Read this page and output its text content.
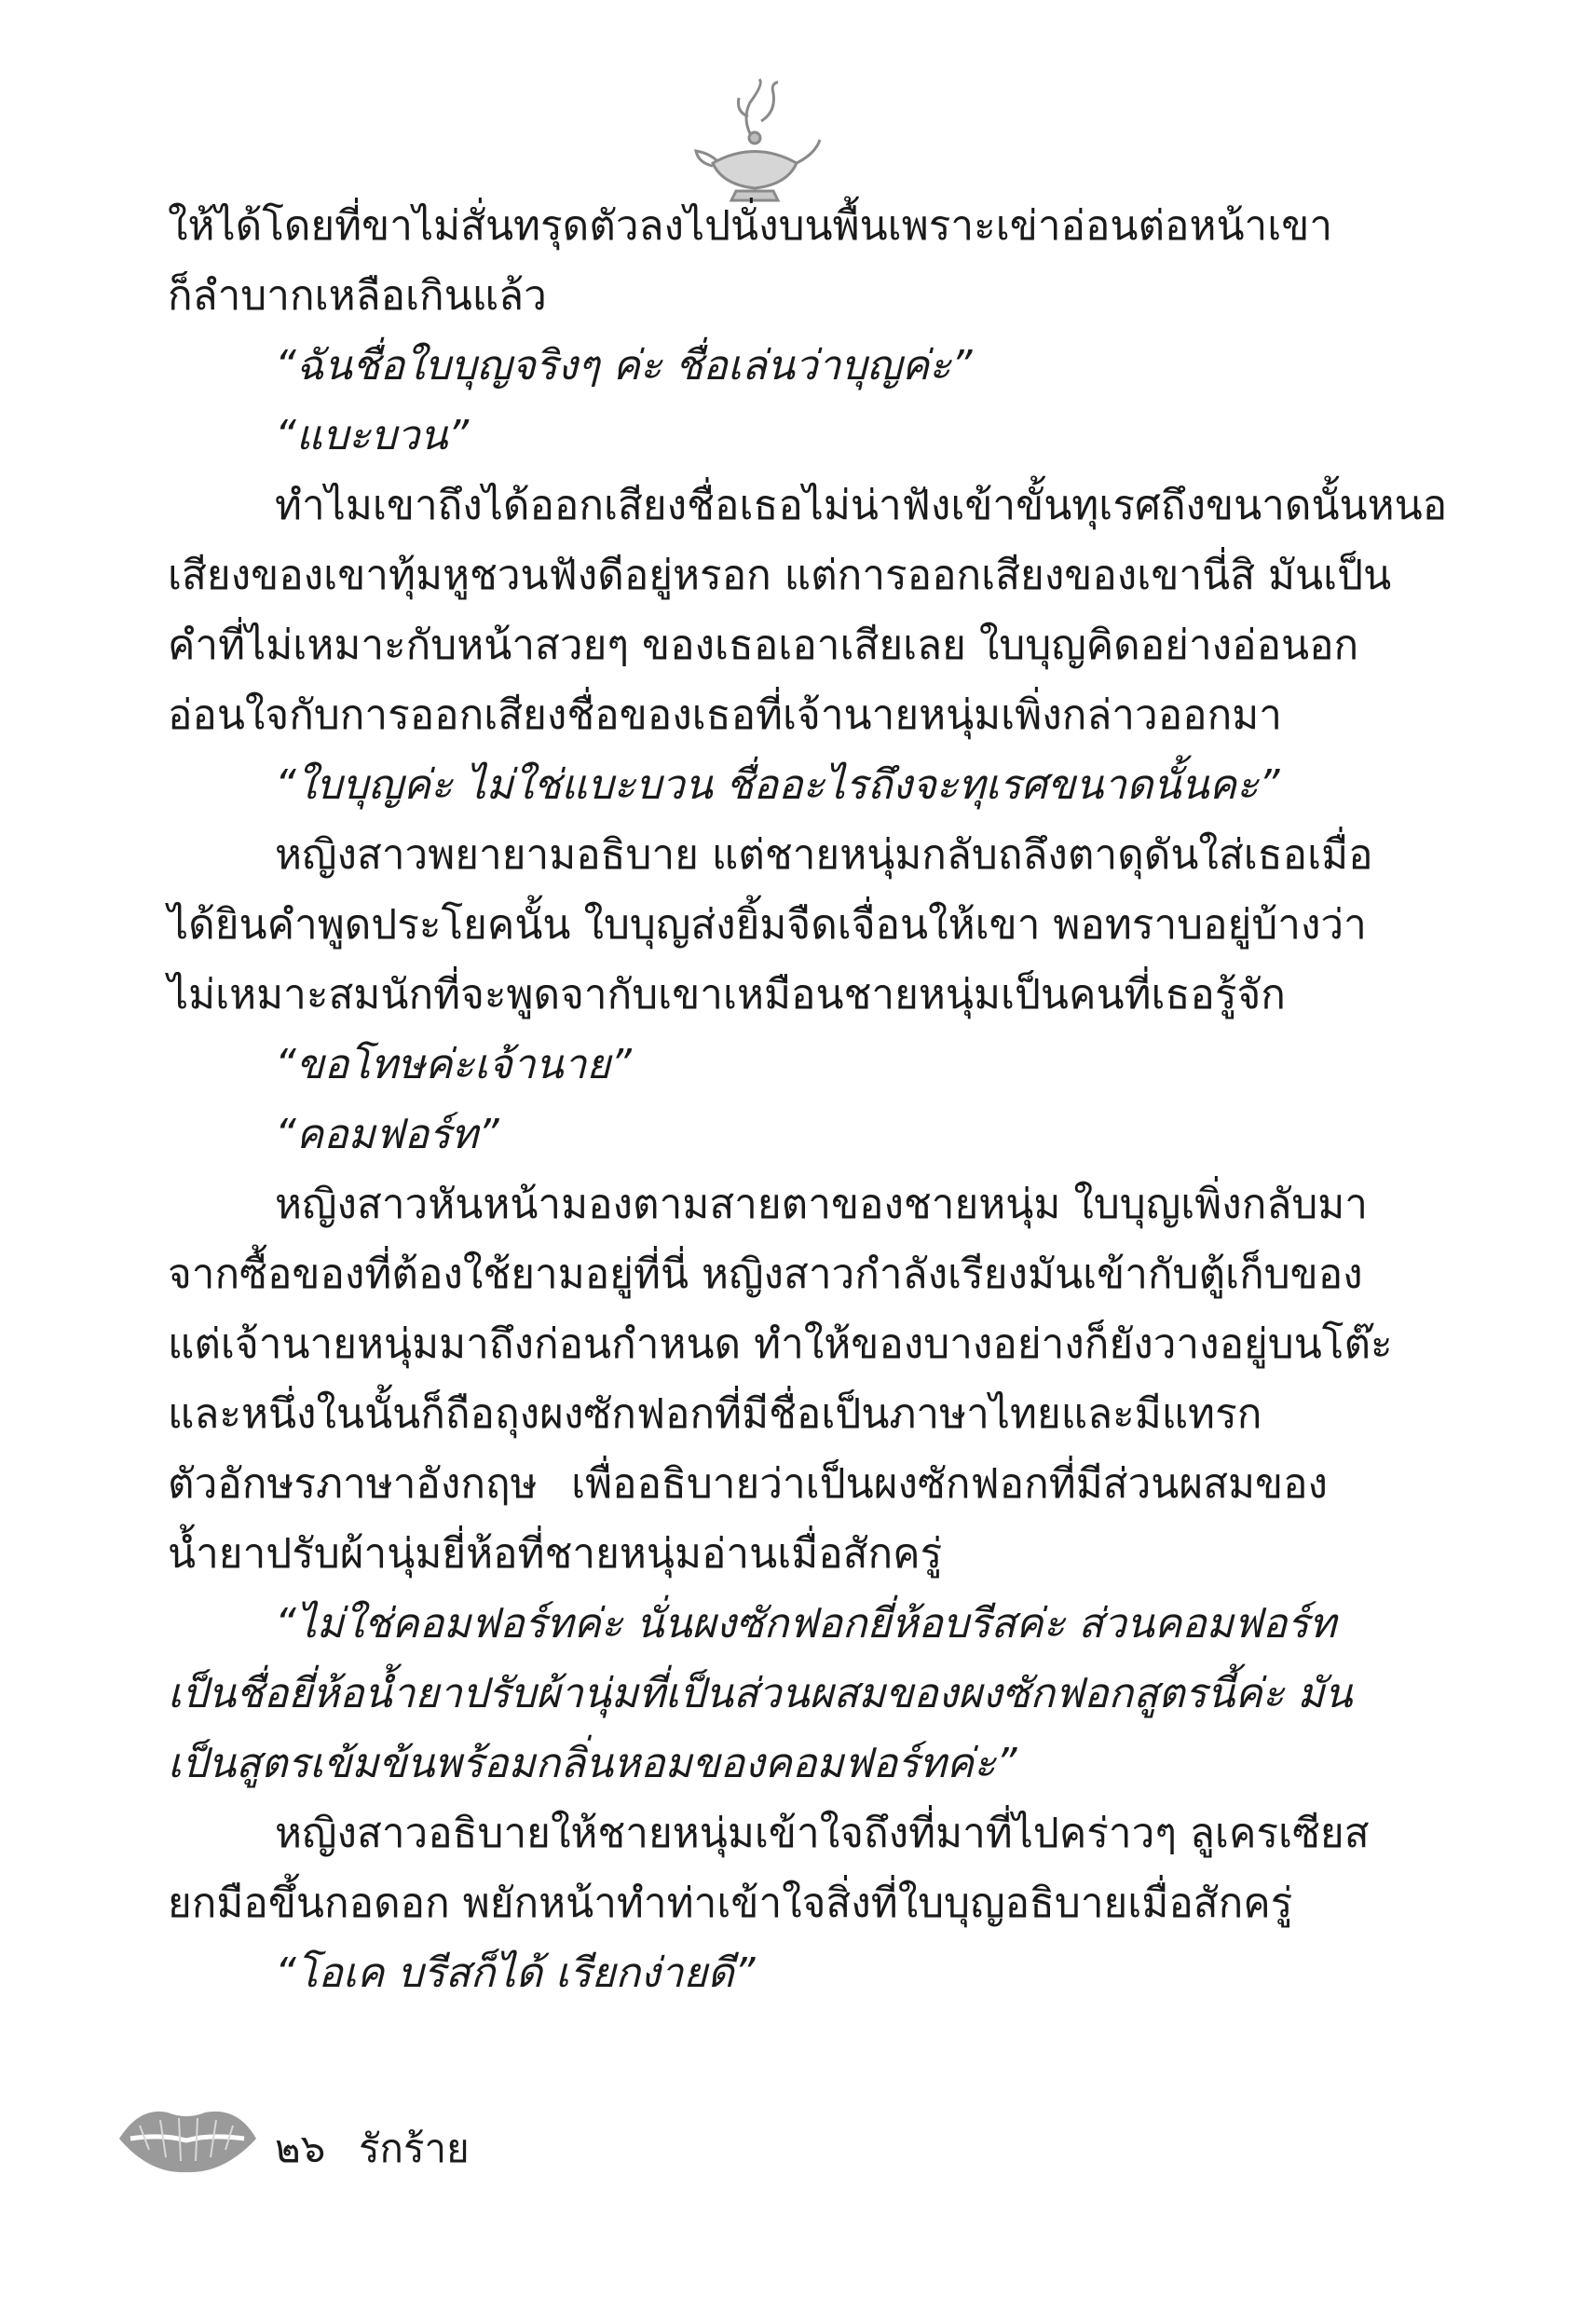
ให้ได้โดยที่ขาไม่สั่นทรุดตัวลงไปนั่งบนพื้นเพราะเข่าอ่อนต่อหน้าเขา
ก็ลำบากเหลือเกินแล้ว
“ฉันชื่อใบบุญจริงๆ ค่ะ ชื่อเล่นว่าบุญค่ะ”
“แบะบวน”
ทำไมเขาถึงได้ออกเสียงชื่อเธอไม่น่าฟังเข้าขั้นทุเรศถึงขนาดนั้นหนอ
เสียงของเขาทุ้มหูชวนฟังดีอยู่หรอก แต่การออกเสียงของเขานี่สิ มันเป็น
คำที่ไม่เหมาะกับหน้าสวยๆ ของเธอเอาเสียเลย ใบบุญคิดอย่างอ่อนอก
อ่อนใจกับการออกเสียงชื่อของเธอที่เจ้านายหนุ่มเพิ่งกล่าวออกมา
“ใบบุญค่ะ ไม่ใช่แบะบวน ชื่ออะไรถึงจะทุเรศขนาดนั้นคะ”
หญิงสาวพยายามอธิบาย แต่ชายหนุ่มกลับถลึงตาดุดันใส่เธอเมื่อ
ได้ยินคำพูดประโยคนั้น ใบบุญส่งยิ้มจืดเจื่อนให้เขา พอทราบอยู่บ้างว่า
ไม่เหมาะสมนักที่จะพูดจากับเขาเหมือนชายหนุ่มเป็นคนที่เธอรู้จัก
“ขอโทษค่ะเจ้านาย”
“คอมฟอร์ท”
หญิงสาวหันหน้ามองตามสายตาของชายหนุ่ม ใบบุญเพิ่งกลับมา
จากซื้อของที่ต้องใช้ยามอยู่ที่นี่ หญิงสาวกำลังเรียงมันเข้ากับตู้เก็บของ
แต่เจ้านายหนุ่มมาถึงก่อนกำหนด ทำให้ของบางอย่างก็ยังวางอยู่บนโต๊ะ
และหนึ่งในนั้นก็ถือถุงผงซักฟอกที่มีชื่อเป็นภาษาไทยและมีแทรก
ตัวอักษรภาษาอังกฤษ เพื่ออธิบายว่าเป็นผงซักฟอกที่มีส่วนผสมของ
น้ำยาปรับผ้านุ่มยี่ห้อที่ชายหนุ่มอ่านเมื่อสักครู่
“ไม่ใช่คอมฟอร์ทค่ะ นั่นผงซักฟอกยี่ห้อบรีสค่ะ ส่วนคอมฟอร์ท
เป็นชื่อยี่ห้อน้ำยาปรับผ้านุ่มที่เป็นส่วนผสมของผงซักฟอกสูตรนี้ค่ะ มัน
เป็นสูตรเข้มข้นพร้อมกลิ่นหอมของคอมฟอร์ทค่ะ”
หญิงสาวอธิบายให้ชายหนุ่มเข้าใจถึงที่มาที่ไปคร่าวๆ ลูเครเซียส
ยกมือขึ้นกอดอก พยักหน้าทำท่าเข้าใจสิ่งที่ใบบุญอธิบายเมื่อสักครู่
“โอเค บรีสก็ได้ เรียกง่ายดี”
๒๖ รักร้าย
